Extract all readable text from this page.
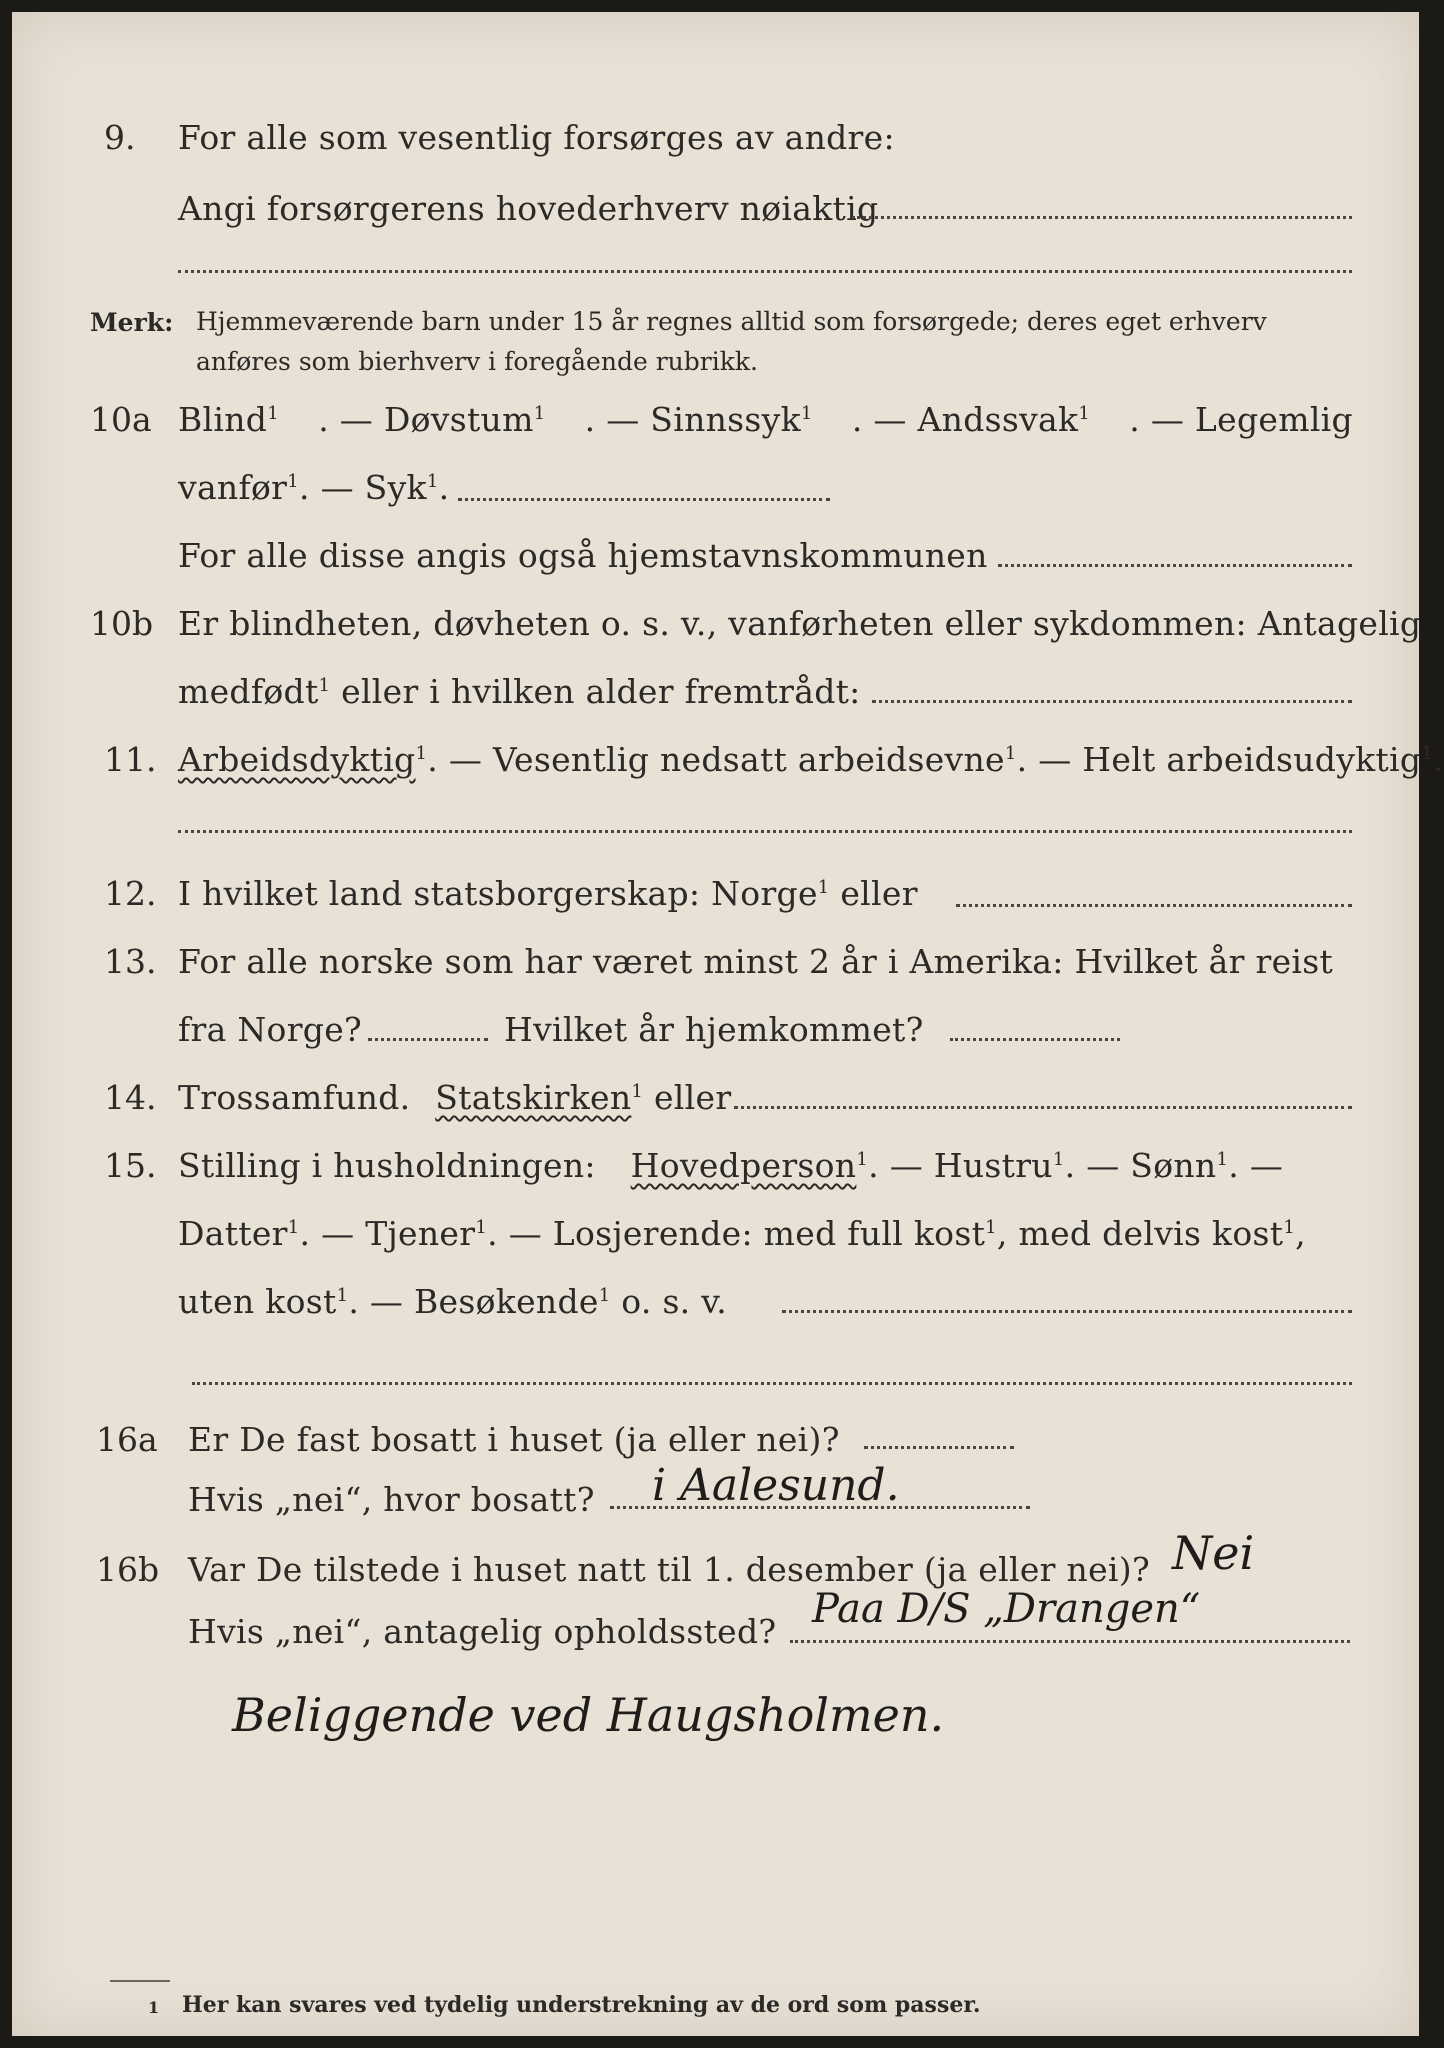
9. For alle som vesentlig forsørges av andre:
Angi forsørgerens hovederhverv nøiaktig
Merk: Hjemmeværende barn under 15 år regnes alltid som forsørgede; deres eget erhverv anføres som bierhverv i foregående rubrikk.
10a Blind$^1$ . — Døvstum$^1$ . — Sinnssyk$^1$ . — Andssvak$^1$ . — Legemlig
vanfør$^1$. — Syk$^1$.
For alle disse angis også hjemstavnskommunen
10b Er blindheten, døvheten o. s. v., vanførheten eller sykdommen: Antagelig
medfødt$^1$ eller i hvilken alder fremtrådt:
11. Arbeidsdyktig$^1$. — Vesentlig nedsatt arbeidsevne$^1$. — Helt arbeidsudyktig$^1$.
12. I hvilket land statsborgerskap: Norge$^1$ eller
13. For alle norske som har været minst 2 år i Amerika: Hvilket år reist
fra Norge?	Hvilket år hjemkommet?
14. Trossamfund. Statskirken$^1$ eller
15. Stilling i husholdningen: Hovedperson$^1$. — Hustru$^1$. — Sønn$^1$. —
Datter$^1$. — Tjener$^1$. — Losjerende: med full kost$^1$, med delvis kost$^1$,
uten kost$^1$. — Besøkende$^1$ o. s. v.
16a Er De fast bosatt i huset (ja eller nei)?
Hvis „nei“, hvor bosatt? i Aalesund.
16b Var De tilstede i huset natt til 1. desember (ja eller nei)? Nei
Hvis „nei“, antagelig opholdssted? Paa D/S „Drangen“
Beliggende ved Haugsholmen.
1 Her kan svares ved tydelig understrekning av de ord som passer.
